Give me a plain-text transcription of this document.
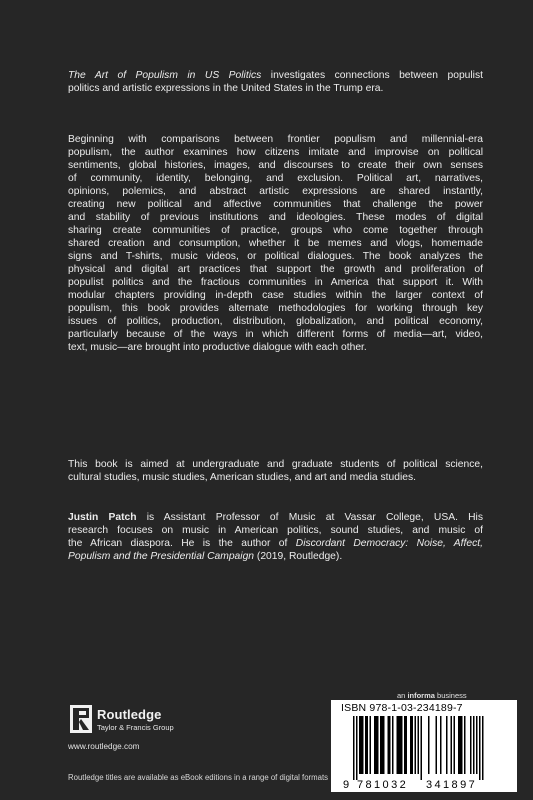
The Art of Populism in US Politics investigates connections between populist
politics and artistic expressions in the United States in the Trump era.

Beginning with comparisons between frontier populism and millennial-era
populism, the author examines how citizens imitate and improvise on political
sentiments, global histories, images, and discourses to create their own senses
of community, identity, belonging, and exclusion. Political art, narratives,
opinions, polemics, and abstract artistic expressions are shared instantly,
creating new political and affective communities that challenge the power
and stability of previous institutions and ideologies. These modes of digital
sharing create communities of practice, groups who come together through
shared creation and consumption, whether it be memes and vlogs, homemade
signs and T-shirts, music videos, or political dialogues. The book analyzes the
physical and digital art practices that support the growth and proliferation of
populist politics and the fractious communities in America that support it. With
modular chapters providing in-depth case studies within the larger context of
populism, this book provides alternate methodologies for working through key
issues of politics, production, distribution, globalization, and political economy,
particularly because of the ways in which different forms of media—art, video,
text, music—are brought into productive dialogue with each other.

This book is aimed at undergraduate and graduate students of political science,
cultural studies, music studies, American studies, and art and media studies.

Justin Patch is Assistant Professor of Music at Vassar College, USA. His
research focuses on music in American politics, sound studies, and music of
the African diaspora. He is the author of Discordant Democracy: Noise, Affect,
Populism and the Presidential Campaign (2019, Routledge).

Routledge
Taylor & Francis Group
www.routledge.com
Routledge titles are available as eBook editions in a range of digital formats
an informa business
ISBN 978-1-03-234189-7
9 781032 341897
